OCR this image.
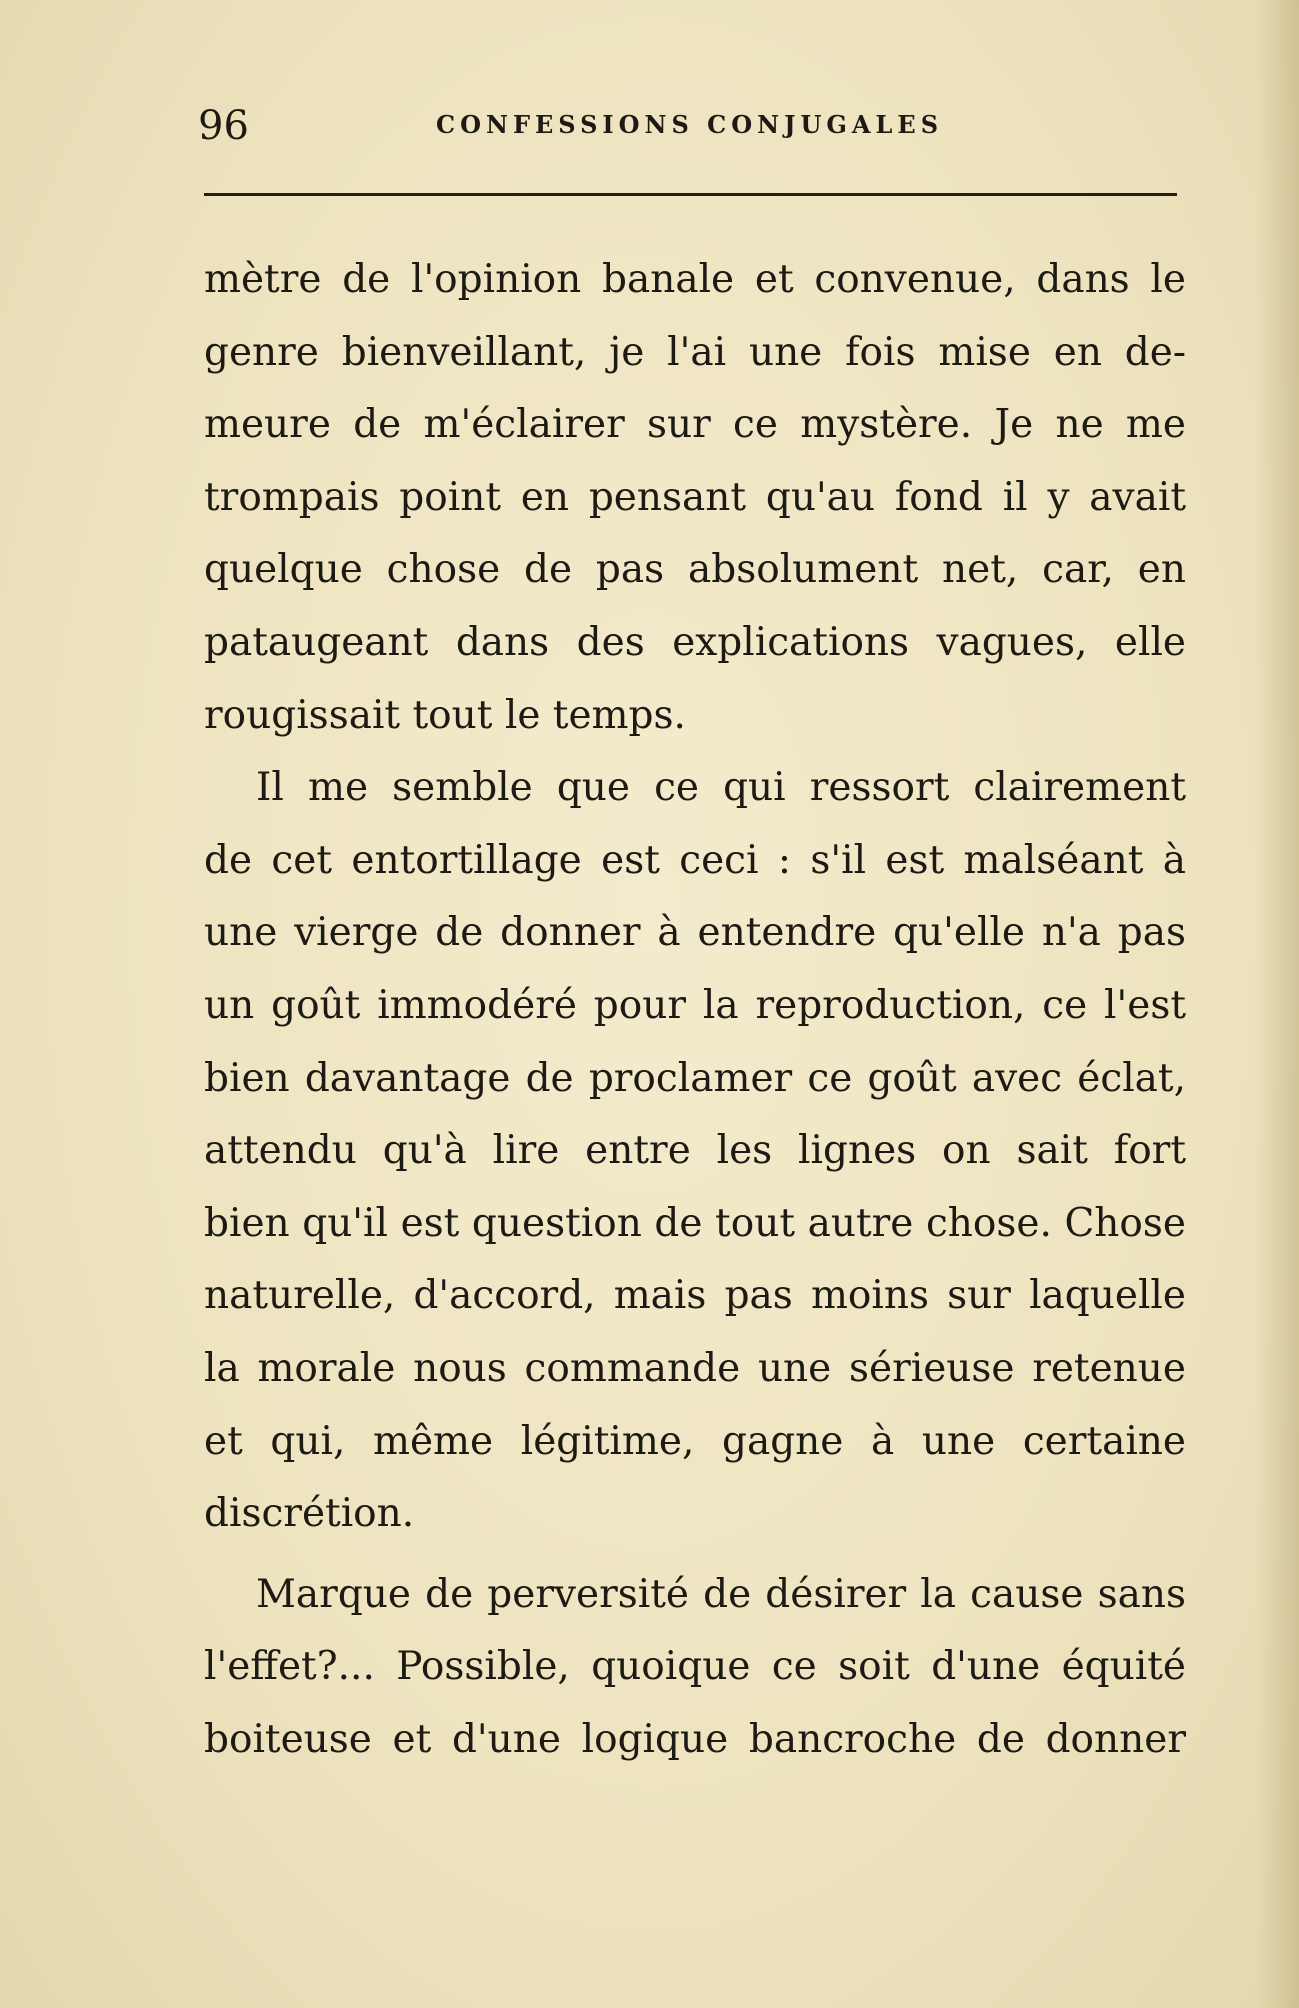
96	CONFESSIONS CONJUGALES
mètre de l'opinion banale et convenue, dans le
genre bienveillant, je l'ai une fois mise en de-
meure de m'éclairer sur ce mystère. Je ne me
trompais point en pensant qu'au fond il y avait
quelque chose de pas absolument net, car, en
pataugeant dans des explications vagues, elle
rougissait tout le temps.
Il me semble que ce qui ressort clairement
de cet entortillage est ceci : s'il est malséant à
une vierge de donner à entendre qu'elle n'a pas
un goût immodéré pour la reproduction, ce l'est
bien davantage de proclamer ce goût avec éclat,
attendu qu'à lire entre les lignes on sait fort
bien qu'il est question de tout autre chose. Chose
naturelle, d'accord, mais pas moins sur laquelle
la morale nous commande une sérieuse retenue
et qui, même légitime, gagne à une certaine
discrétion.
Marque de perversité de désirer la cause sans
l'effet?... Possible, quoique ce soit d'une équité
boiteuse et d'une logique bancroche de donner
